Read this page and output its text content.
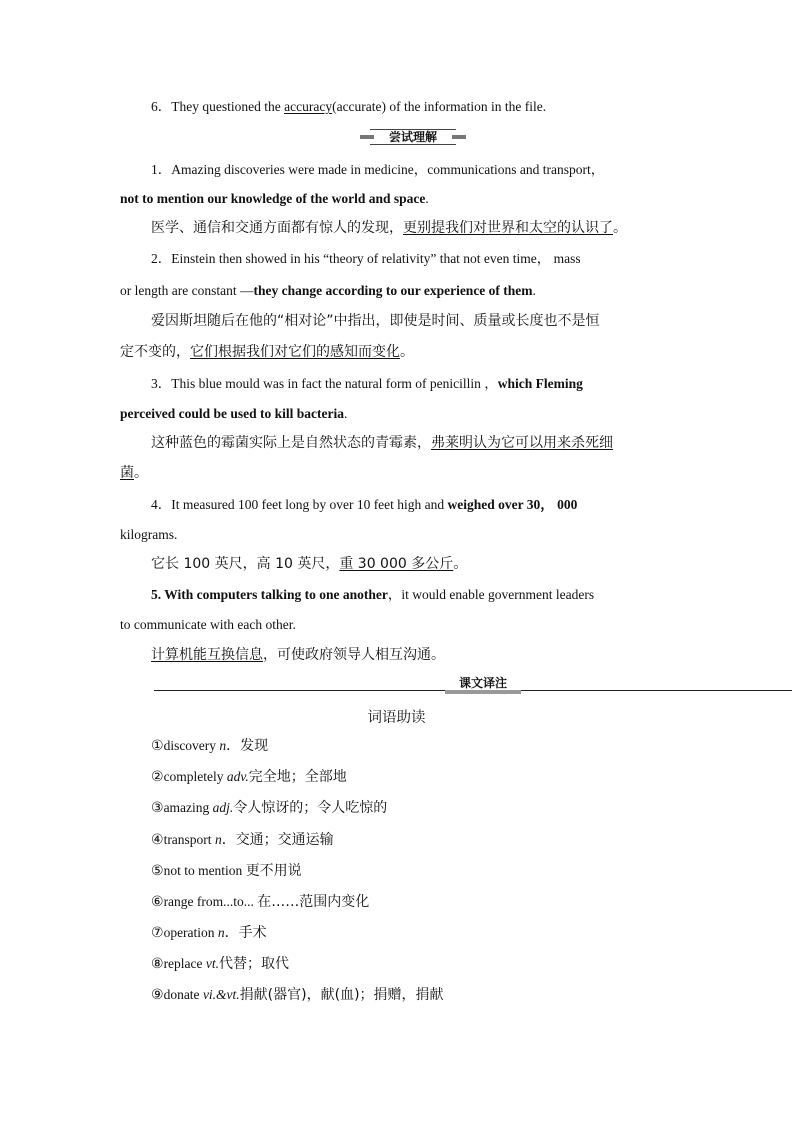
6．They questioned the accuracy(accurate) of the information in the file.
尝试理解
1．Amazing discoveries were made in medicine，communications and transport，
not to mention our knowledge of the world and space.
医学、通信和交通方面都有惊人的发现，更别提我们对世界和太空的认识了。
2．Einstein then showed in his “theory of relativity” that not even time， mass
or length are constant —they change according to our experience of them.
爱因斯坦随后在他的“相对论”中指出，即使是时间、质量或长度也不是恒
定不变的，它们根据我们对它们的感知而变化。
3．This blue mould was in fact the natural form of penicillin ，which Fleming
perceived could be used to kill bacteria.
这种蓝色的霉菌实际上是自然状态的青霉素，弗莱明认为它可以用来杀死细
菌。
4．It measured 100 feet long by over 10 feet high and weighed over 30， 000
kilograms.
它长 100 英尺，高 10 英尺，重 30 000 多公斤。
5. With computers talking to one another，it would enable government leaders
to communicate with each other.
计算机能互换信息，可使政府领导人相互沟通。
课文译注
词语助读
①discovery n．发现
②completely adv.完全地；全部地
③amazing adj.令人惊讶的；令人吃惊的
④transport n．交通；交通运输
⑤not to mention 更不用说
⑥range from...to... 在……范围内变化
⑦operation n．手术
⑧replace vt.代替；取代
⑨donate vi.&vt.捐献(器官)，献(血)；捐赠，捐献
